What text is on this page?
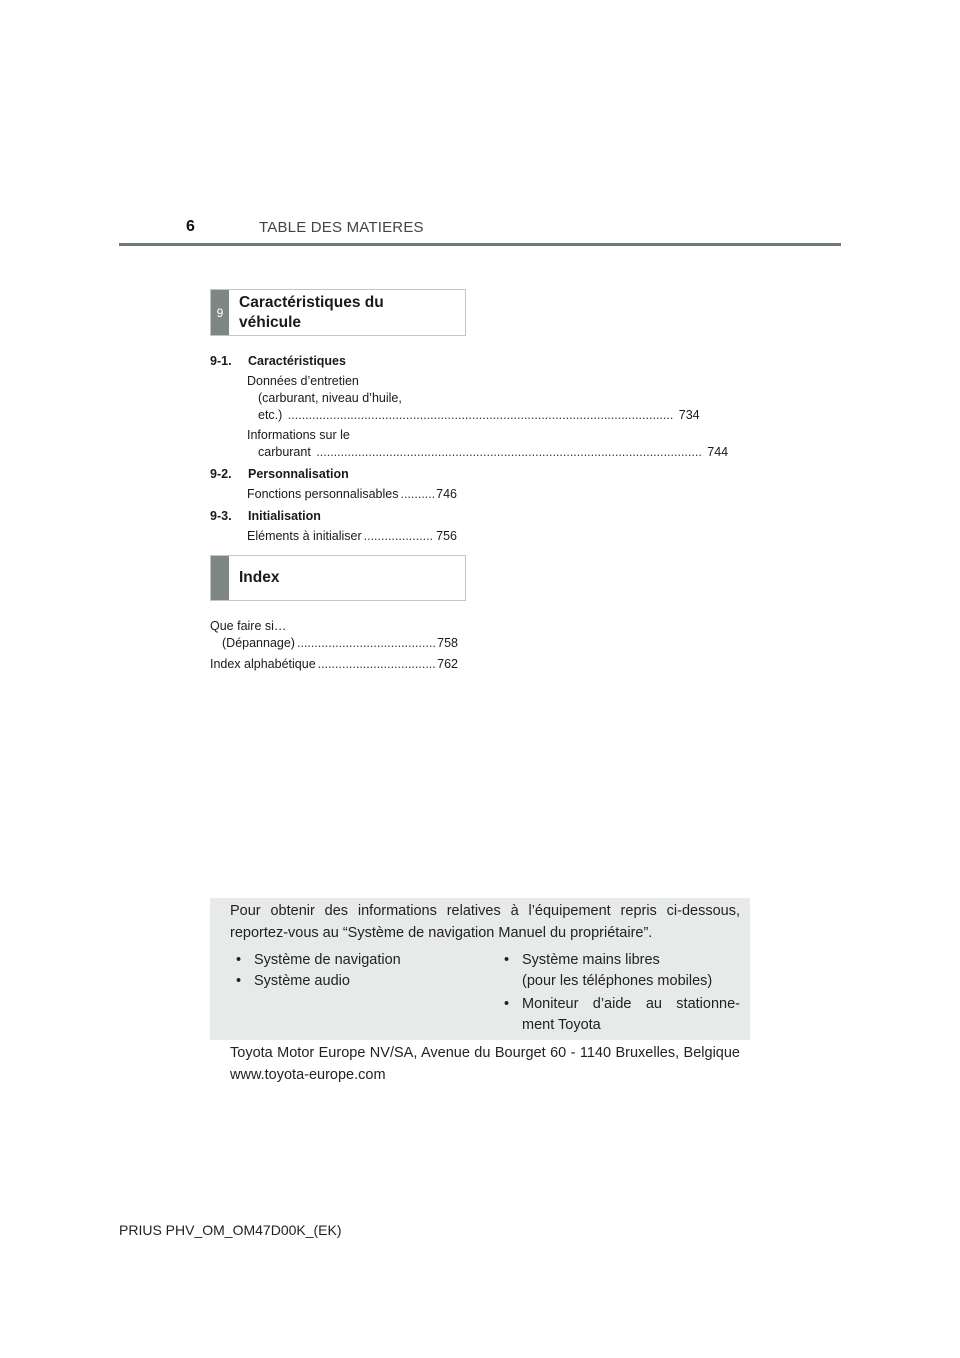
6	TABLE DES MATIERES
9
Caractéristiques du
véhicule
9-1. Caractéristiques
Données d’entretien
(carburant, niveau d’huile,
etc.) .....	734
Informations sur le
carburant .....	744
9-2. Personnalisation
Fonctions personnalisables .....	746
9-3. Initialisation
Eléments à initialiser .....	756
Index
Que faire si…
(Dépannage) .....	758
Index alphabétique .....	762
Pour obtenir des informations relatives à l’équipement repris ci-dessous, reportez-vous au “Système de navigation Manuel du propriétaire”.
• Système de navigation
• Système audio
• Système mains libres
(pour les téléphones mobiles)
• Moniteur d’aide au stationne-
ment Toyota
Toyota Motor Europe NV/SA, Avenue du Bourget 60 - 1140 Bruxelles, Belgique www.toyota-europe.com
PRIUS PHV_OM_OM47D00K_(EK)
